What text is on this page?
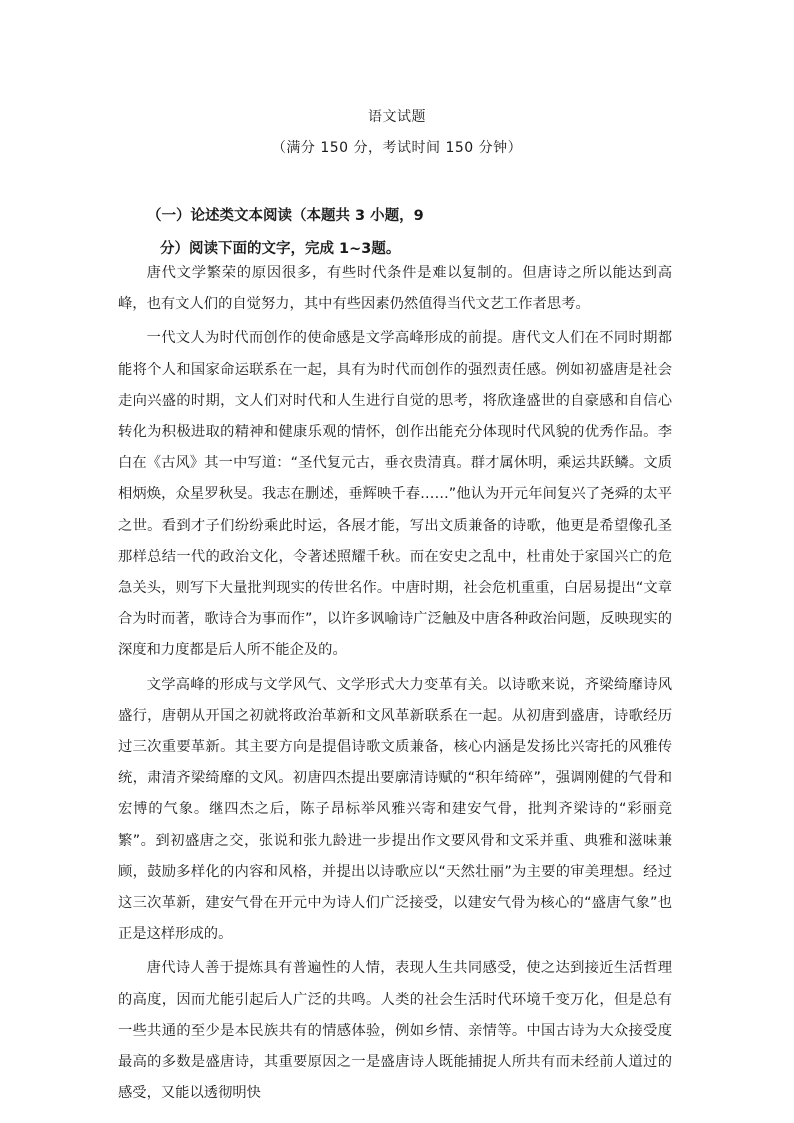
语文试题
（满分 150 分，考试时间 150 分钟）
（一）论述类文本阅读（本题共 3 小题，9
分）阅读下面的文字，完成 1~3题。

唐代文学繁荣的原因很多，有些时代条件是难以复制的。但唐诗之所以能达到高峰，也有文人们的自觉努力，其中有些因素仍然值得当代文艺工作者思考。

一代文人为时代而创作的使命感是文学高峰形成的前提。唐代文人们在不同时期都能将个人和国家命运联系在一起，具有为时代而创作的强烈责任感。例如初盛唐是社会走向兴盛的时期，文人们对时代和人生进行自觉的思考，将欣逢盛世的自豪感和自信心转化为积极进取的精神和健康乐观的情怀，创作出能充分体现时代风貌的优秀作品。李白在《古风》其一中写道：“圣代复元古，垂衣贵清真。群才属休明，乘运共跃鳞。文质相炳焕，众星罗秋旻。我志在删述，垂辉映千春……”他认为开元年间复兴了尧舜的太平之世。看到才子们纷纷乘此时运，各展才能，写出文质兼备的诗歌，他更是希望像孔圣那样总结一代的政治文化，令著述照耀千秋。而在安史之乱中，杜甫处于家国兴亡的危急关头，则写下大量批判现实的传世名作。中唐时期，社会危机重重，白居易提出“文章合为时而著，歌诗合为事而作”，以许多讽喻诗广泛触及中唐各种政治问题，反映现实的深度和力度都是后人所不能企及的。

文学高峰的形成与文学风气、文学形式大力变革有关。以诗歌来说，齐梁绮靡诗风盛行，唐朝从开国之初就将政治革新和文风革新联系在一起。从初唐到盛唐，诗歌经历过三次重要革新。其主要方向是提倡诗歌文质兼备，核心内涵是发扬比兴寄托的风雅传统，肃清齐梁绮靡的文风。初唐四杰提出要廓清诗赋的“积年绮碎”，强调刚健的气骨和宏博的气象。继四杰之后，陈子昂标举风雅兴寄和建安气骨，批判齐梁诗的“彩丽竞繁”。到初盛唐之交，张说和张九龄进一步提出作文要风骨和文采并重、典雅和滋味兼顾，鼓励多样化的内容和风格，并提出以诗歌应以“天然壮丽”为主要的审美理想。经过这三次革新，建安气骨在开元中为诗人们广泛接受，以建安气骨为核心的“盛唐气象”也正是这样形成的。

唐代诗人善于提炼具有普遍性的人情，表现人生共同感受，使之达到接近生活哲理的高度，因而尤能引起后人广泛的共鸣。人类的社会生活时代环境千变万化，但是总有一些共通的至少是本民族共有的情感体验，例如乡情、亲情等。中国古诗为大众接受度最高的多数是盛唐诗，其重要原因之一是盛唐诗人既能捕捉人所共有而未经前人道过的感受，又能以透彻明快
